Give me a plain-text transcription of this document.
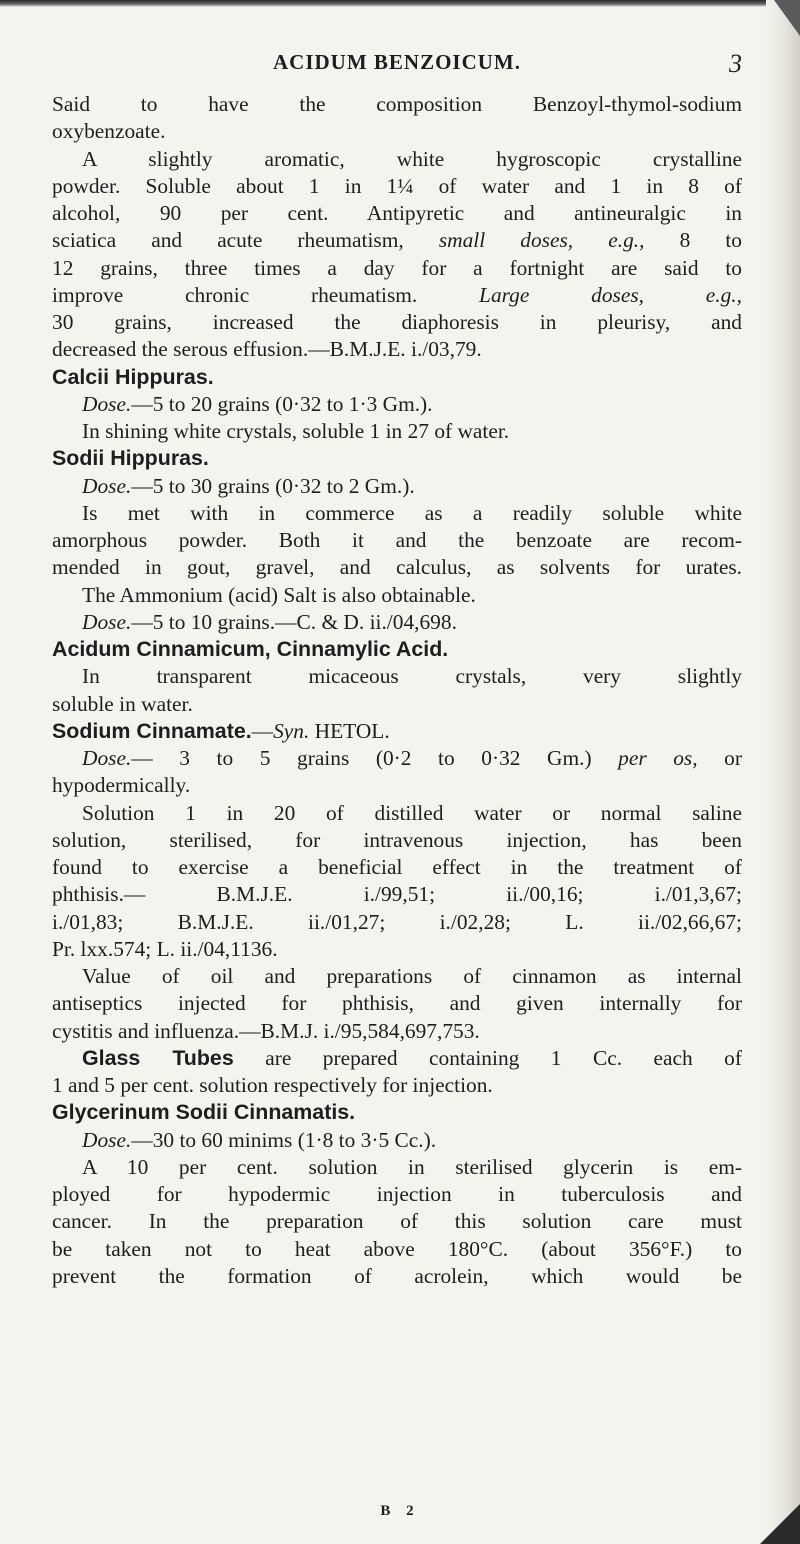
ACIDUM BENZOICUM.	3
Said to have the composition Benzoyl-thymol-sodium
oxybenzoate.
A slightly aromatic, white hygroscopic crystalline
powder. Soluble about 1 in 1¼ of water and 1 in 8 of
alcohol, 90 per cent. Antipyretic and antineuralgic in
sciatica and acute rheumatism, small doses, e.g., 8 to
12 grains, three times a day for a fortnight are said to
improve chronic rheumatism. Large doses, e.g.,
30 grains, increased the diaphoresis in pleurisy, and
decreased the serous effusion.—B.M.J.E. i./03,79.
Calcii Hippuras.
Dose.—5 to 20 grains (0·32 to 1·3 Gm.).
In shining white crystals, soluble 1 in 27 of water.
Sodii Hippuras.
Dose.—5 to 30 grains (0·32 to 2 Gm.).
Is met with in commerce as a readily soluble white
amorphous powder. Both it and the benzoate are recom-
mended in gout, gravel, and calculus, as solvents for urates.
The Ammonium (acid) Salt is also obtainable.
Dose.—5 to 10 grains.—C. & D. ii./04,698.
Acidum Cinnamicum, Cinnamylic Acid.
In transparent micaceous crystals, very slightly
soluble in water.
Sodium Cinnamate.—Syn. HETOL.
Dose.— 3 to 5 grains (0·2 to 0·32 Gm.) per os, or
hypodermically.
Solution 1 in 20 of distilled water or normal saline
solution, sterilised, for intravenous injection, has been
found to exercise a beneficial effect in the treatment of
phthisis.— B.M.J.E. i./99,51; ii./00,16; i./01,3,67;
i./01,83; B.M.J.E. ii./01,27; i./02,28; L. ii./02,66,67;
Pr. lxx.574; L. ii./04,1136.
Value of oil and preparations of cinnamon as internal
antiseptics injected for phthisis, and given internally for
cystitis and influenza.—B.M.J. i./95,584,697,753.
Glass Tubes are prepared containing 1 Cc. each of
1 and 5 per cent. solution respectively for injection.
Glycerinum Sodii Cinnamatis.
Dose.—30 to 60 minims (1·8 to 3·5 Cc.).
A 10 per cent. solution in sterilised glycerin is em-
ployed for hypodermic injection in tuberculosis and
cancer. In the preparation of this solution care must
be taken not to heat above 180°C. (about 356°F.) to
prevent the formation of acrolein, which would be
B 2
